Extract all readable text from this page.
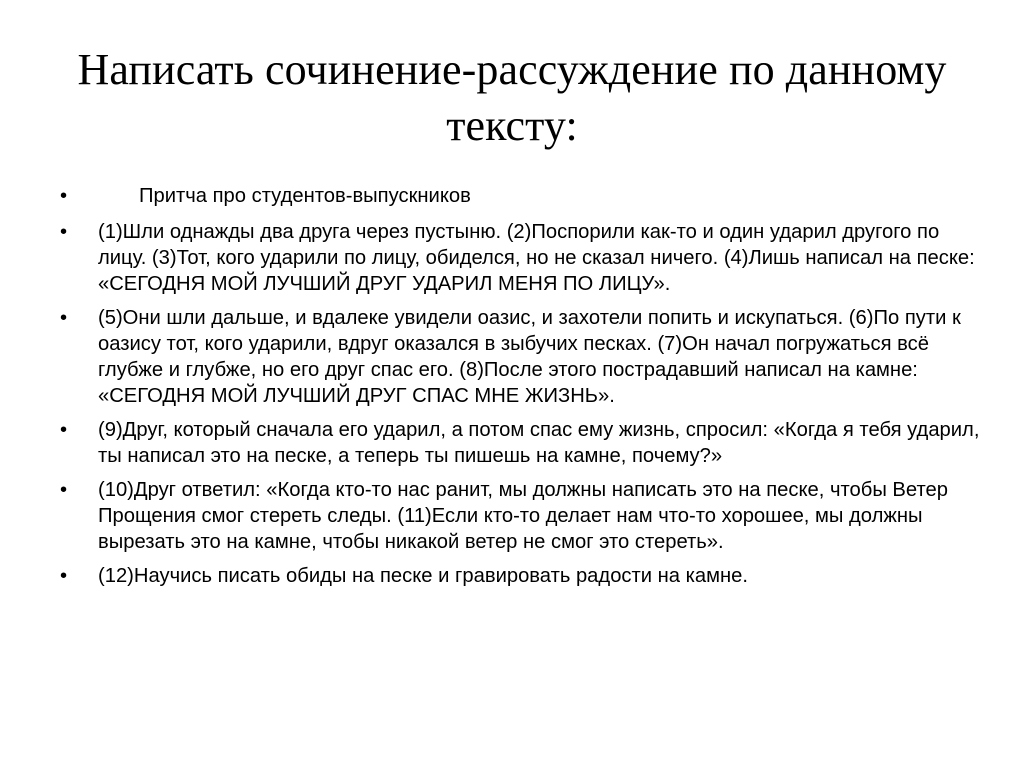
Написать сочинение-рассуждение по данному тексту:
•	Притча про студентов-выпускников
•	(1)Шли однажды два друга через пустыню. (2)Поспорили как-то и один ударил другого по лицу. (3)Тот, кого ударили по лицу, обиделся, но не сказал ничего. (4)Лишь написал на песке: «СЕГОДНЯ МОЙ ЛУЧШИЙ ДРУГ УДАРИЛ МЕНЯ ПО ЛИЦУ».
•	(5)Они шли дальше, и вдалеке увидели оазис, и захотели попить и искупаться. (6)По пути к оазису тот, кого ударили, вдруг оказался в зыбучих песках. (7)Он начал погружаться всё глубже и глубже, но его друг спас его. (8)После этого пострадавший написал на камне: «СЕГОДНЯ МОЙ ЛУЧШИЙ ДРУГ СПАС МНЕ ЖИЗНЬ».
•	(9)Друг, который сначала его ударил, а потом спас ему жизнь, спросил: «Когда я тебя ударил, ты написал это на песке, а теперь ты пишешь на камне, почему?»
•	(10)Друг ответил: «Когда кто-то нас ранит, мы должны написать это на песке, чтобы Ветер Прощения смог стереть следы. (11)Если кто-то делает нам что-то хорошее, мы должны вырезать это на камне, чтобы никакой ветер не смог это стереть».
•	(12)Научись писать обиды на песке и гравировать радости на камне.
